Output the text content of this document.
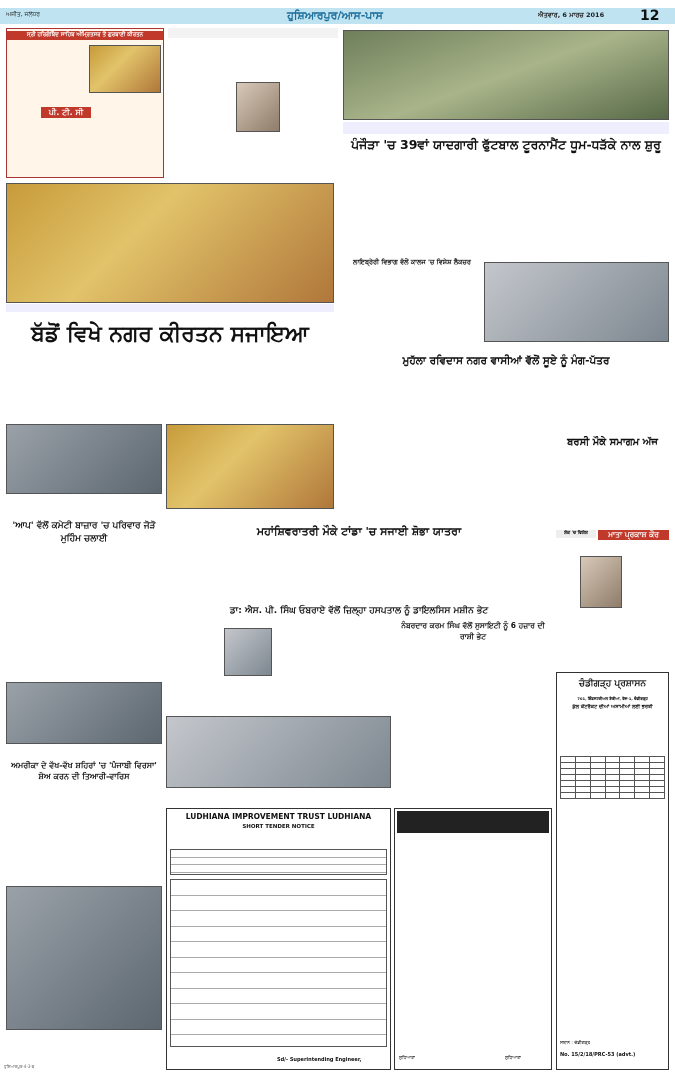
ਅਜੀਤ, ਜਲੰਧਰ	ਹੁਸ਼ਿਆਰਪੁਰ/ਆਸ-ਪਾਸ	ਐਤਵਾਰ, 6 ਮਾਰਚ 2016	12
ਸ੍ਰੀ ਹਰਿਗੋਬਿੰਦ ਸਾਹਿਬ ਅੰਮ੍ਰਿਤਸਰ ਤੋਂ ਗੁਰਬਾਣੀ ਕੀਰਤਨ
ਪੀ. ਟੀ. ਸੀ
ਪੰਜੌੜਾ 'ਚ 39ਵਾਂ ਯਾਦਗਾਰੀ ਫੁੱਟਬਾਲ ਟੂਰਨਾਮੈਂਟ ਧੂਮ-ਧੜੱਕੇ ਨਾਲ ਸ਼ੁਰੂ
ਲਾਇਬ੍ਰੇਰੀ ਵਿਭਾਗ ਵੱਲੋਂ ਕਾਲਜ 'ਚ ਵਿਸ਼ੇਸ਼ ਲੈਕਚਰ
ਬੱਡੋਂ ਵਿਖੇ ਨਗਰ ਕੀਰਤਨ ਸਜਾਇਆ
ਮੁਹੱਲਾ ਰਵਿਦਾਸ ਨਗਰ ਵਾਸੀਆਂ ਵੱਲੋਂ ਸੂਏ ਨੂੰ ਮੰਗ-ਪੱਤਰ
ਬਰਸੀ ਮੌਕੇ ਸਮਾਗਮ ਅੱਜ
'ਆਪ' ਵੱਲੋਂ ਕਮੇਟੀ ਬਾਜ਼ਾਰ 'ਚ ਪਰਿਵਾਰ ਜੋੜੋ ਮੁਹਿੰਮ ਚਲਾਈ
ਮਹਾਂਸ਼ਿਵਰਾਤਰੀ ਮੌਕੇ ਟਾਂਡਾ 'ਚ ਸਜਾਈ ਸ਼ੋਭਾ ਯਾਤਰਾ	ਸ਼ੋਕ 'ਚ ਵਿਸ਼ੇਸ਼	ਮਾਤਾ ਪ੍ਰਕਾਸ਼ ਕੌਰ
ਡਾ: ਐਸ. ਪੀ. ਸਿੰਘ ਓਬਰਾਏ ਵੱਲੋਂ ਜ਼ਿਲ੍ਹਾ ਹਸਪਤਾਲ ਨੂੰ ਡਾਇਲਸਿਸ ਮਸ਼ੀਨ ਭੇਟ
ਨੰਬਰਦਾਰ ਕਰਮ ਸਿੰਘ ਵੱਲੋਂ ਸੁਸਾਇਟੀ ਨੂੰ 6 ਹਜ਼ਾਰ ਦੀ ਰਾਸ਼ੀ ਭੇਟ
ਅਮਰੀਕਾ ਦੇ ਵੱਖ-ਵੱਖ ਸ਼ਹਿਰਾਂ 'ਚ 'ਪੰਜਾਬੀ ਵਿਰਸਾ' ਸ਼ੋਅ ਕਰਨ ਦੀ ਤਿਆਰੀ-ਵਾਰਿਸ
ਚੰਡੀਗੜ੍ਹ ਪ੍ਰਸ਼ਾਸਨ
701, ਇੰਡਸਟਰੀਅਲ ਏਰੀਆ, ਫੇਜ਼-1, ਚੰਡੀਗੜ੍ਹ
ਕੁੱਲ ਕੌਂਟਰੈਕਟ ਦੀਆਂ ਅਸਾਮੀਆਂ ਲਈ ਭਰਤੀ

ਸਥਾਨ : ਚੰਡੀਗੜ੍ਹ
No. 15/2/18/PRC-53 (advt.)
LUDHIANA IMPROVEMENT TRUST LUDHIANA
SHORT TENDER NOTICE
Sd/- Superintending Engineer,	ਲੁਧਿਆਣਾ	ਲੁਧਿਆਣਾ
ਹੁਸ਼ਿਆਰਪੁਰ-4-3-ਬ
